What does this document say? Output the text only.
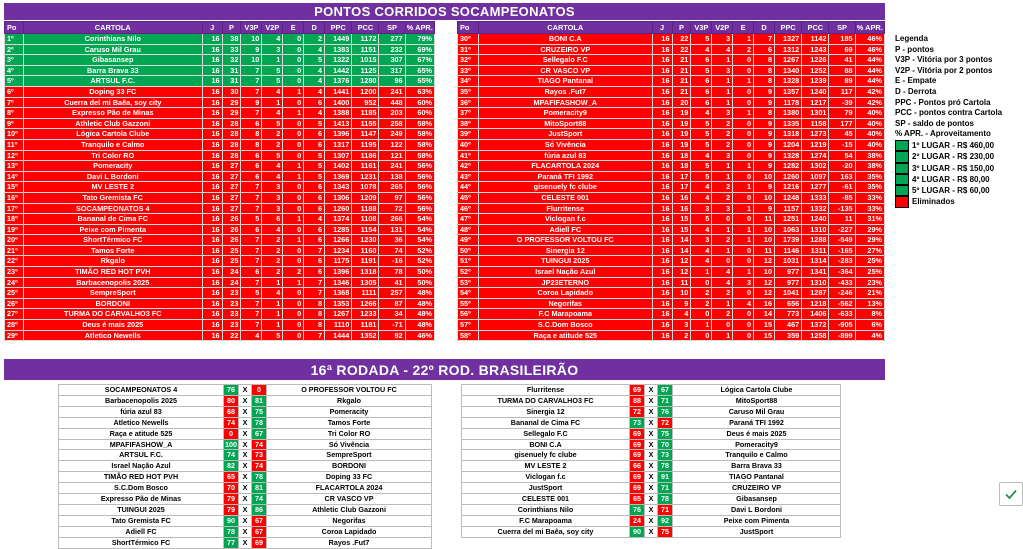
PONTOS CORRIDOS SOCAMPEONATOS
Po	CARTOLA	J	P	V3P	V2P	E	D	PPC	PCC	SP	% APR.
1º	Corinthians Nilo	16	38	10	4	0	2	1449	1172	277	79%
2º	Caruso Mil Grau	16	33	9	3	0	4	1383	1151	232	69%
3º	Gibasansep	16	32	10	1	0	5	1322	1015	307	67%
4º	Barra Brava 33	16	31	7	5	0	4	1442	1125	317	65%
5º	ARTSUL F.C.	16	31	7	5	0	4	1376	1280	96	65%
6º	Doping 33 FC	16	30	7	4	1	4	1441	1200	241	63%
7º	Cuerra del mi Baêa, soy city	16	29	9	1	0	6	1400	952	448	60%
8º	Expresso Pão de Minas	16	29	7	4	1	4	1388	1185	203	60%
9º	Athletic Club Gazzoni	16	28	6	5	0	5	1413	1155	258	58%
10º	Lógica Cartola Clube	16	28	8	2	0	6	1396	1147	249	58%
11º	Tranquilo e Calmo	16	28	8	2	0	6	1317	1195	122	58%
12º	Tri Color RO	16	28	6	5	0	5	1307	1186	121	58%
13º	Pomeracity	16	27	6	4	1	5	1402	1161	241	56%
14º	Davi L Bordoni	16	27	6	4	1	5	1369	1231	138	56%
15º	MV LESTE 2	16	27	7	3	0	6	1343	1078	265	56%
16º	Tato Gremista FC	16	27	7	3	0	6	1306	1209	97	56%
17º	SOCAMPEONATOS 4	16	27	7	3	0	6	1260	1188	72	56%
18º	Bananal de Cima FC	16	26	5	6	1	4	1374	1108	266	54%
19º	Peixe com Pimenta	16	26	6	4	0	6	1285	1154	131	54%
20º	ShortTérmico FC	16	26	7	2	1	6	1266	1230	36	54%
21º	Tamos Forte	16	25	7	2	0	7	1234	1160	74	52%
22º	Rkgalo	16	25	7	2	0	6	1175	1191	-16	52%
23º	TIMÃO RED HOT PVH	16	24	6	2	2	6	1396	1318	78	50%
24º	Barbacenopolis 2025	16	24	7	1	1	7	1346	1305	41	50%
25º	SempreSport	16	23	5	4	0	7	1368	1111	257	48%
26º	BORDONI	16	23	7	1	0	8	1353	1266	87	48%
27º	TURMA DO CARVALHO3 FC	16	23	7	1	0	8	1267	1233	34	48%
28º	Deus é mais 2025	16	23	7	1	0	8	1110	1181	-71	48%
29º	Atletico Newells	16	22	4	5	0	7	1444	1352	92	46%
Po	CARTOLA	J	P	V3P	V2P	E	D	PPC	PCC	SP	% APR.
30º	BONI C.A	16	22	5	3	1	7	1327	1142	185	46%
31º	CRUZEIRO VP	16	22	4	4	2	6	1312	1243	69	46%
32º	Sellegalo F.C	16	21	6	1	0	8	1267	1226	41	44%
33º	CR VASCO VP	16	21	5	3	0	8	1340	1252	88	44%
34º	TIAGO Pantanal	16	21	6	1	1	8	1328	1239	89	44%
35º	Rayos .Fut7	16	21	6	1	0	9	1357	1240	117	42%
36º	MPAFIFASHOW_A	16	20	6	1	0	9	1178	1217	-39	42%
37º	Pomeracity9	16	19	4	3	1	8	1380	1301	79	40%
38º	MitoSport88	16	19	5	2	0	9	1335	1158	177	40%
39º	JustSport	16	19	5	2	0	9	1318	1273	45	40%
40º	Só Vivência	16	19	5	2	0	9	1204	1219	-15	40%
41º	fúria azul 83	16	18	4	3	0	9	1328	1274	54	38%
42º	FLACARTOLA 2024	16	18	5	1	1	9	1282	1302	-20	38%
43º	Paraná TFI 1992	16	17	5	1	0	10	1260	1097	163	35%
44º	gisenuely fc clube	16	17	4	2	1	9	1216	1277	-61	35%
45º	CELESTE 001	16	16	4	2	0	10	1248	1333	-85	33%
46º	Flurritense	16	16	3	3	1	9	1157	1332	-135	33%
47º	Viclogan f.c	16	15	5	0	0	11	1251	1240	11	31%
48º	Adiell FC	16	15	4	1	1	10	1063	1310	-227	29%
49º	O PROFESSOR VOLTOU FC	16	14	3	2	1	10	1739	1288	-549	29%
50º	Sinergia 12	16	14	4	1	0	11	1146	1311	-165	27%
51º	TUINGUI 2025	16	12	4	0	0	12	1031	1314	-283	25%
52º	Israel Nação Azul	16	12	1	4	1	10	977	1341	-364	25%
53º	JP23ETERNO	16	11	0	4	3	12	977	1310	-433	23%
54º	Coroa Lapidado	16	10	2	2	0	12	1041	1287	-246	21%
55º	Negorifas	16	9	2	1	4	16	656	1218	-562	13%
56º	F.C Marapoama	16	4	0	2	0	14	773	1406	-633	8%
57º	S.C.Dom Bosco	16	3	1	0	0	15	467	1372	-905	6%
58º	Raça e atitude 525	16	2	0	1	0	15	359	1258	-899	4%
Legenda
P - pontos
V3P - Vitória por 3 pontos
V2P - Vitória por 2 pontos
E - Empate
D - Derrota
PPC - Pontos pró Cartola
PCC - pontos contra Cartola
SP - saldo de pontos
% APR. - Aproveitamento
1º LUGAR - R$ 460,00
2º LUGAR - R$ 230,00
3º LUGAR - R$ 150,00
4º LUGAR - R$ 80,00
5º LUGAR - R$ 60,00
Eliminados
16ª RODADA - 22º ROD. BRASILEIRÃO
SOCAMPEONATOS 4	76	X	0	O PROFESSOR VOLTOU FC
Barbacenopolis 2025	80	X	81	Rkgalo
fúria azul 83	68	X	75	Pomeracity
Atletico Newells	74	X	78	Tamos Forte
Raça e atitude 525	0	X	67	Tri Color RO
MPAFIFASHOW_A	100	X	74	Só Vivência
ARTSUL F.C.	74	X	73	SempreSport
Israel Nação Azul	82	X	74	BORDONI
TIMÃO RED HOT PVH	65	X	78	Doping 33 FC
S.C.Dom Bosco	70	X	81	FLACARTOLA 2024
Expresso Pão de Minas	79	X	74	CR VASCO VP
TUINGUI 2025	79	X	86	Athletic Club Gazzoni
Tato Gremista FC	90	X	67	Negorifas
Adiell FC	78	X	67	Coroa Lapidado
ShortTérmico FC	77	X	69	Rayos .Fut7
Flurritense	69	X	67	Lógica Cartola Clube
TURMA DO CARVALHO3 FC	88	X	71	MitoSport88
Sinergia 12	72	X	76	Caruso Mil Grau
Bananal de Cima FC	73	X	72	Paraná TFI 1992
Sellegalo F.C	69	X	75	Deus é mais 2025
BONI C.A	69	X	70	Pomeracity9
gisenuely fc clube	69	X	73	Tranquilo e Calmo
MV LESTE 2	66	X	78	Barra Brava 33
Viclogan f.c	69	X	91	TIAGO Pantanal
JustSport	69	X	71	CRUZEIRO VP
CELESTE 001	65	X	78	Gibasansep
Corinthians Nilo	76	X	71	Davi L Bordoni
F.C Marapoama	24	X	92	Peixe com Pimenta
Cuerra del mi Baêa, soy city	90	X	75	JustSport
